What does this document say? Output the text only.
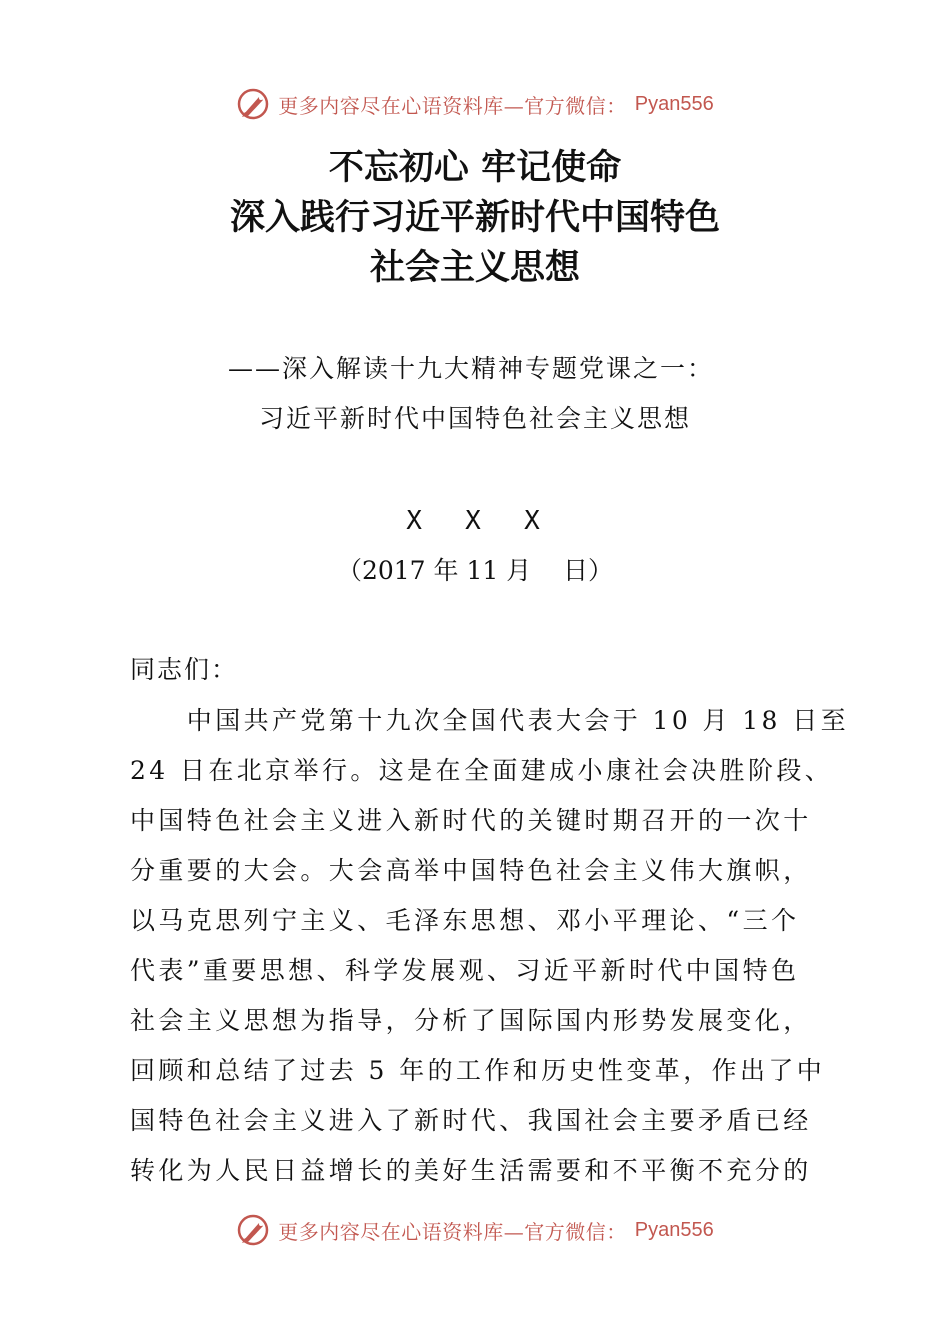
更多内容尽在心语资料库—官方微信： Pyan556
不忘初心 牢记使命
深入践行习近平新时代中国特色
社会主义思想
——深入解读十九大精神专题党课之一：
习近平新时代中国特色社会主义思想
X  X  X
（2017 年 11 月    日）
同志们：
　　中国共产党第十九次全国代表大会于 10 月 18 日至
24 日在北京举行。这是在全面建成小康社会决胜阶段、
中国特色社会主义进入新时代的关键时期召开的一次十
分重要的大会。大会高举中国特色社会主义伟大旗帜，
以马克思列宁主义、毛泽东思想、邓小平理论、“三个
代表”重要思想、科学发展观、习近平新时代中国特色
社会主义思想为指导，分析了国际国内形势发展变化，
回顾和总结了过去 5 年的工作和历史性变革，作出了中
国特色社会主义进入了新时代、我国社会主要矛盾已经
转化为人民日益增长的美好生活需要和不平衡不充分的
更多内容尽在心语资料库—官方微信： Pyan556
